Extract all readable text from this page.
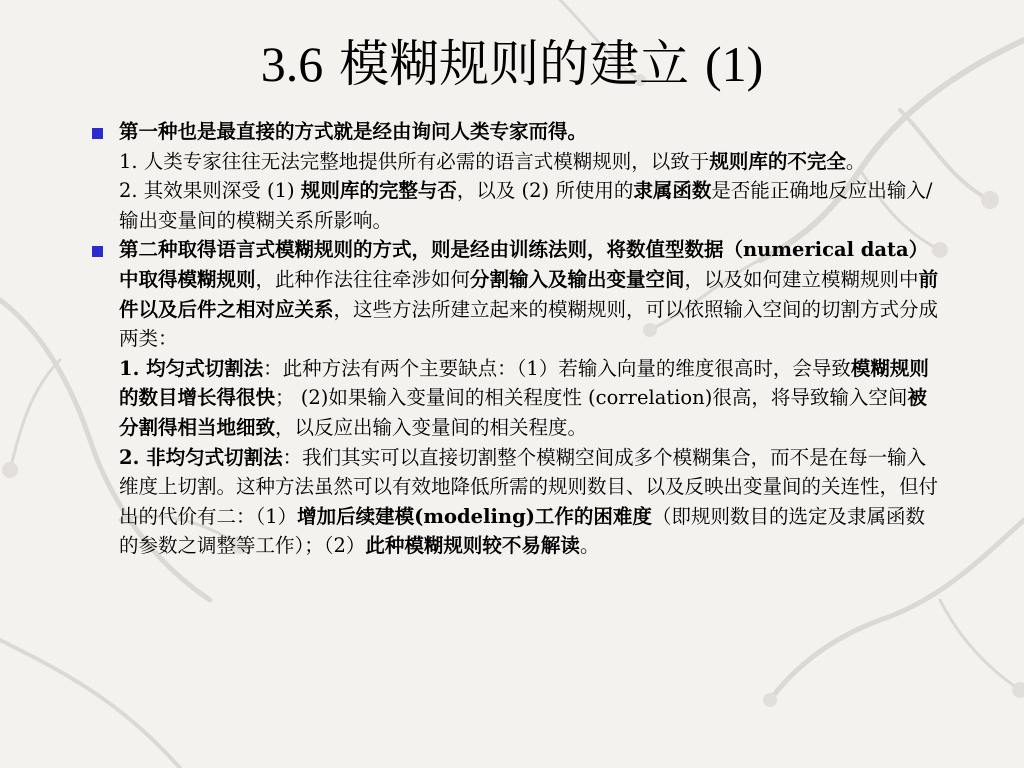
3.6 模糊规则的建立 (1)
第一种也是最直接的方式就是经由询问人类专家而得。
1. 人类专家往往无法完整地提供所有必需的语言式模糊规则，以致于规则库的不完全。
2. 其效果则深受 (1) 规则库的完整与否，以及 (2) 所使用的隶属函数是否能正确地反应出输入/输出变量间的模糊关系所影响。
第二种取得语言式模糊规则的方式，则是经由训练法则，将数值型数据（numerical data）中取得模糊规则，此种作法往往牵涉如何分割输入及输出变量空间，以及如何建立模糊规则中前件以及后件之相对应关系，这些方法所建立起来的模糊规则，可以依照输入空间的切割方式分成两类：
1. 均匀式切割法：此种方法有两个主要缺点：（1）若输入向量的维度很高时，会导致模糊规则的数目增长得很快； (2)如果输入变量间的相关程度性 (correlation)很高，将导致输入空间被分割得相当地细致，以反应出输入变量间的相关程度。
2. 非均匀式切割法：我们其实可以直接切割整个模糊空间成多个模糊集合，而不是在每一输入维度上切割。这种方法虽然可以有效地降低所需的规则数目、以及反映出变量间的关连性，但付出的代价有二：（1）增加后续建模(modeling)工作的困难度（即规则数目的选定及隶属函数的参数之调整等工作）；（2）此种模糊规则较不易解读。
